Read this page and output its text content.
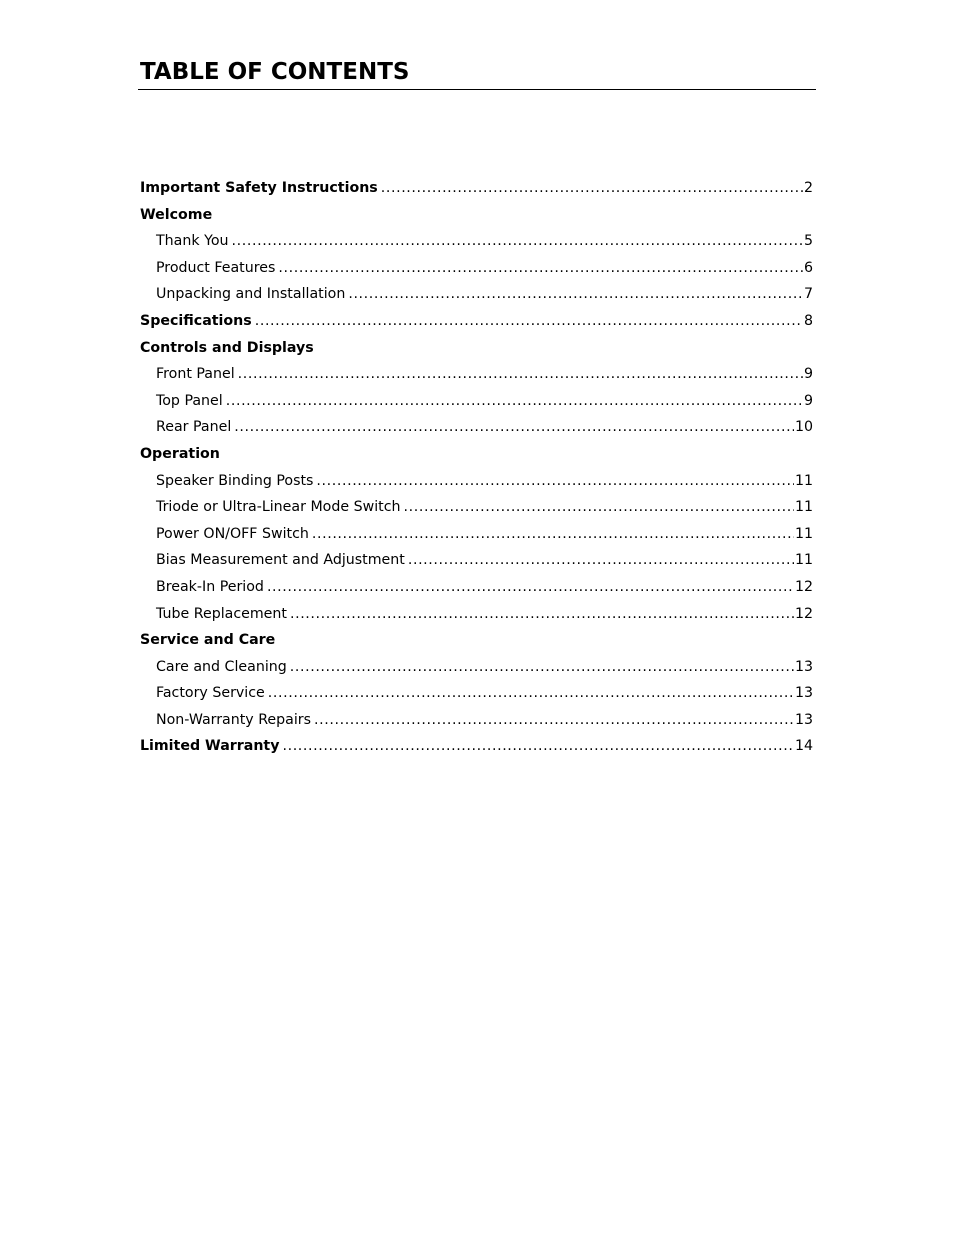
TABLE OF CONTENTS
Important Safety Instructions .....	2
Welcome
Thank You .....	5
Product Features .....	6
Unpacking and Installation .....	7
Specifications .....	8
Controls and Displays
Front Panel .....	9
Top Panel .....	9
Rear Panel .....	10
Operation
Speaker Binding Posts .....	11
Triode or Ultra-Linear Mode Switch .....	11
Power ON/OFF Switch .....	11
Bias Measurement and Adjustment .....	11
Break-In Period .....	12
Tube Replacement .....	12
Service and Care
Care and Cleaning .....	13
Factory Service .....	13
Non-Warranty Repairs .....	13
Limited Warranty .....	14
